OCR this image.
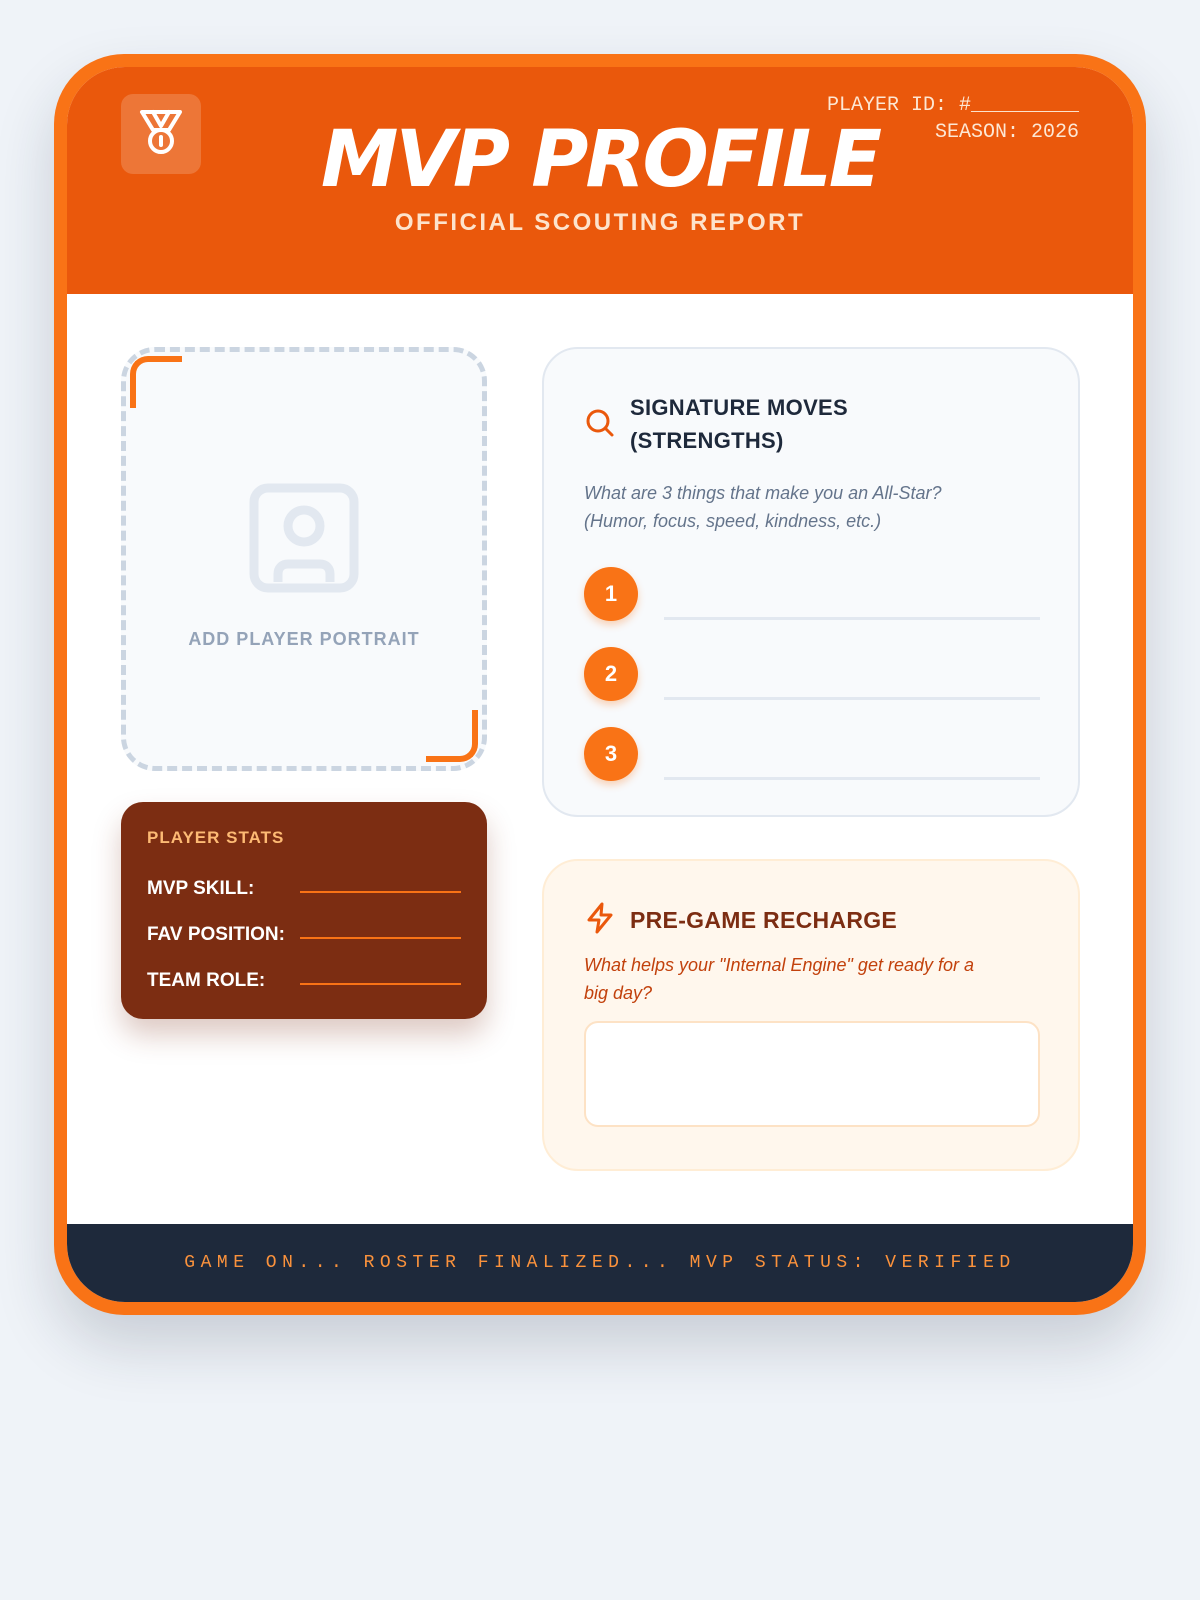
PLAYER ID: #_________
SEASON: 2026
MVP PROFILE
OFFICIAL SCOUTING REPORT
ADD PLAYER PORTRAIT
PLAYER STATS
MVP SKILL:
FAV POSITION:
TEAM ROLE:
SIGNATURE MOVES
(STRENGTHS)
What are 3 things that make you an All-Star?
(Humor, focus, speed, kindness, etc.)
1
2
3
PRE-GAME RECHARGE
What helps your "Internal Engine" get ready for a
big day?
GAME ON... ROSTER FINALIZED... MVP STATUS: VERIFIED
